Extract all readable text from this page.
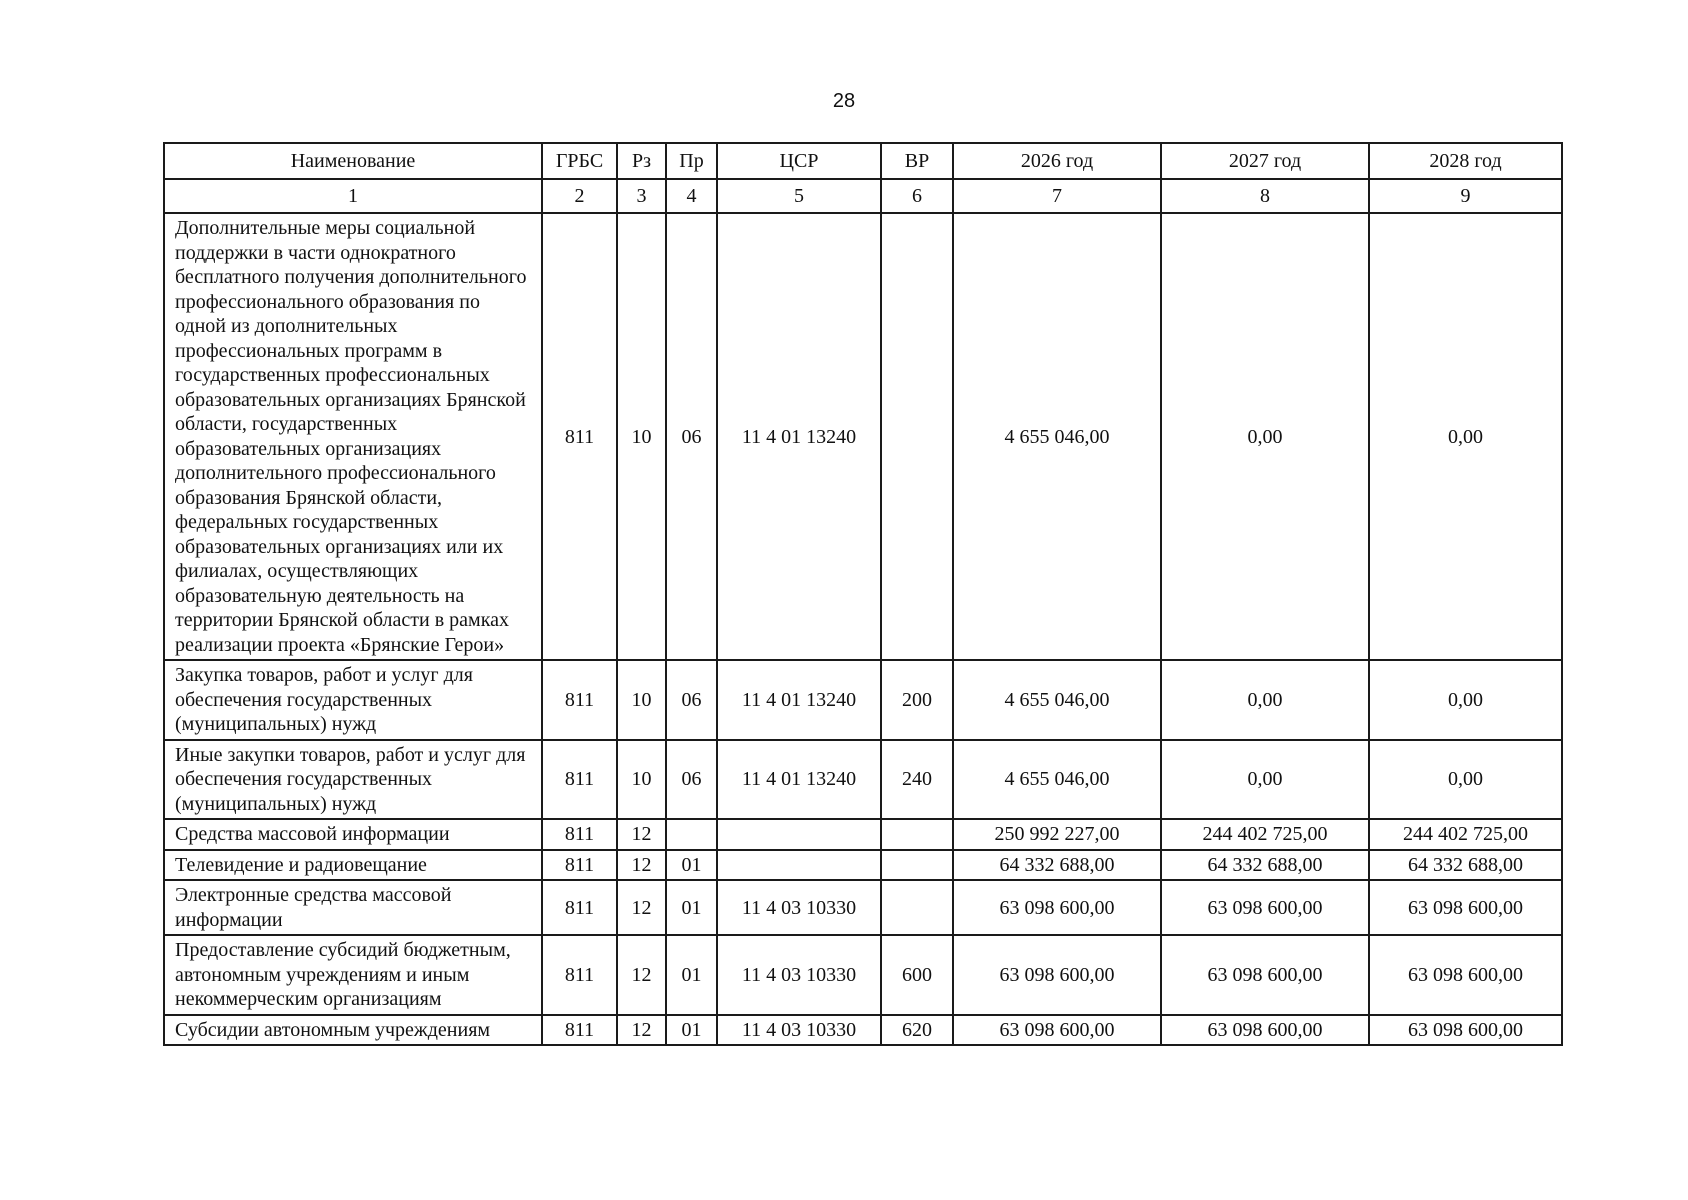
28
Наименование	ГРБС	Рз	Пр	ЦСР	ВР	2026 год	2027 год	2028 год
1	2	3	4	5	6	7	8	9
Дополнительные меры социальной поддержки в части однократного бесплатного получения дополнительного профессионального образования по одной из дополнительных профессиональных программ в государственных профессиональных образовательных организациях Брянской области, государственных образовательных организациях дополнительного профессионального образования Брянской области, федеральных государственных образовательных организациях или их филиалах, осуществляющих образовательную деятельность на территории Брянской области в рамках реализации проекта «Брянские Герои»	811	10	06	11 4 01 13240		4 655 046,00	0,00	0,00
Закупка товаров, работ и услуг для обеспечения государственных (муниципальных) нужд	811	10	06	11 4 01 13240	200	4 655 046,00	0,00	0,00
Иные закупки товаров, работ и услуг для обеспечения государственных (муниципальных) нужд	811	10	06	11 4 01 13240	240	4 655 046,00	0,00	0,00
Средства массовой информации	811	12				250 992 227,00	244 402 725,00	244 402 725,00
Телевидение и радиовещание	811	12	01			64 332 688,00	64 332 688,00	64 332 688,00
Электронные средства массовой информации	811	12	01	11 4 03 10330		63 098 600,00	63 098 600,00	63 098 600,00
Предоставление субсидий бюджетным, автономным учреждениям и иным некоммерческим организациям	811	12	01	11 4 03 10330	600	63 098 600,00	63 098 600,00	63 098 600,00
Субсидии автономным учреждениям	811	12	01	11 4 03 10330	620	63 098 600,00	63 098 600,00	63 098 600,00
